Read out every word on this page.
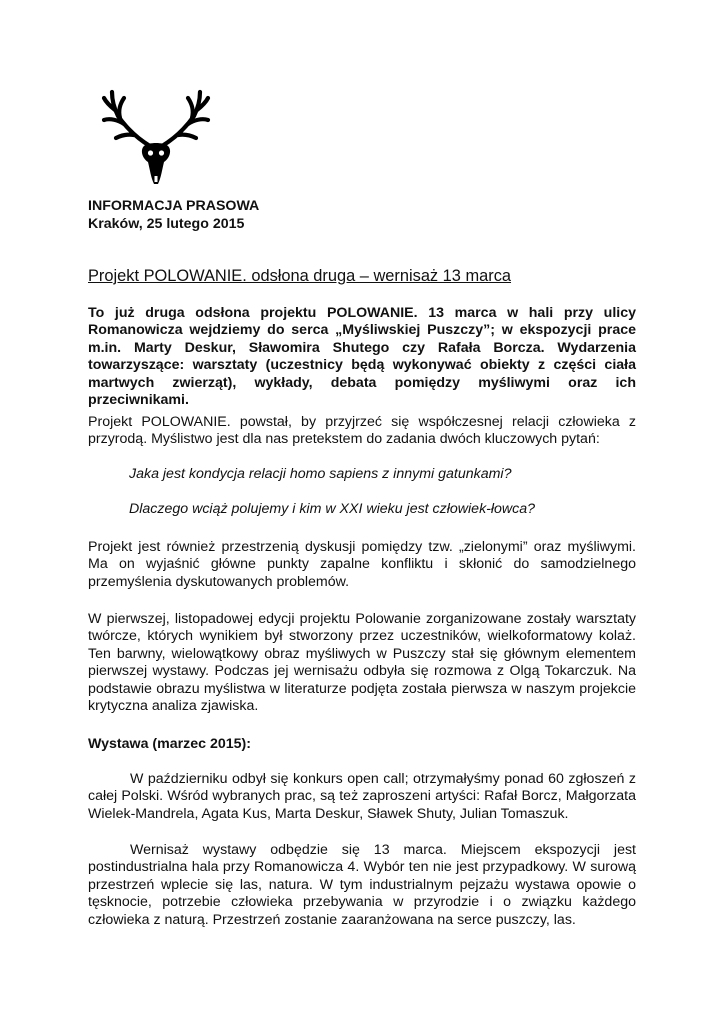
INFORMACJA PRASOWA

Kraków, 25 lutego 2015

Projekt POLOWANIE. odsłona druga – wernisaż 13 marca

To już druga odsłona projektu POLOWANIE. 13 marca w hali przy ulicy Romanowicza wejdziemy do serca „Myśliwskiej Puszczy”; w ekspozycji prace m.in. Marty Deskur, Sławomira Shutego czy Rafała Borcza. Wydarzenia towarzyszące: warsztaty (uczestnicy będą wykonywać obiekty z części ciała martwych zwierząt), wykłady, debata pomiędzy myśliwymi oraz ich przeciwnikami.

Projekt POLOWANIE. powstał, by przyjrzeć się współczesnej relacji człowieka z przyrodą. Myślistwo jest dla nas pretekstem do zadania dwóch kluczowych pytań:

Jaka jest kondycja relacji homo sapiens z innymi gatunkami?

Dlaczego wciąż polujemy i kim w XXI wieku jest człowiek-łowca?

Projekt jest również przestrzenią dyskusji pomiędzy tzw. „zielonymi” oraz myśliwymi. Ma on wyjaśnić główne punkty zapalne konfliktu i skłonić do samodzielnego przemyślenia dyskutowanych problemów.

W pierwszej, listopadowej edycji projektu Polowanie zorganizowane zostały warsztaty twórcze, których wynikiem był stworzony przez uczestników, wielkoformatowy kolaż. Ten barwny, wielowątkowy obraz myśliwych w Puszczy stał się głównym elementem pierwszej wystawy. Podczas jej wernisażu odbyła się rozmowa z Olgą Tokarczuk. Na podstawie obrazu myślistwa w literaturze podjęta została pierwsza w naszym projekcie krytyczna analiza zjawiska.

Wystawa (marzec 2015):

W październiku odbył się konkurs open call; otrzymałyśmy ponad 60 zgłoszeń z całej Polski. Wśród wybranych prac, są też zaproszeni artyści: Rafał Borcz, Małgorzata Wielek-Mandrela, Agata Kus, Marta Deskur, Sławek Shuty, Julian Tomaszuk.

Wernisaż wystawy odbędzie się 13 marca. Miejscem ekspozycji jest postindustrialna hala przy Romanowicza 4. Wybór ten nie jest przypadkowy. W surową przestrzeń wplecie się las, natura. W tym industrialnym pejzażu wystawa opowie o tęsknocie, potrzebie człowieka przebywania w przyrodzie i o związku każdego człowieka z naturą. Przestrzeń zostanie zaaranżowana na serce puszczy, las.
